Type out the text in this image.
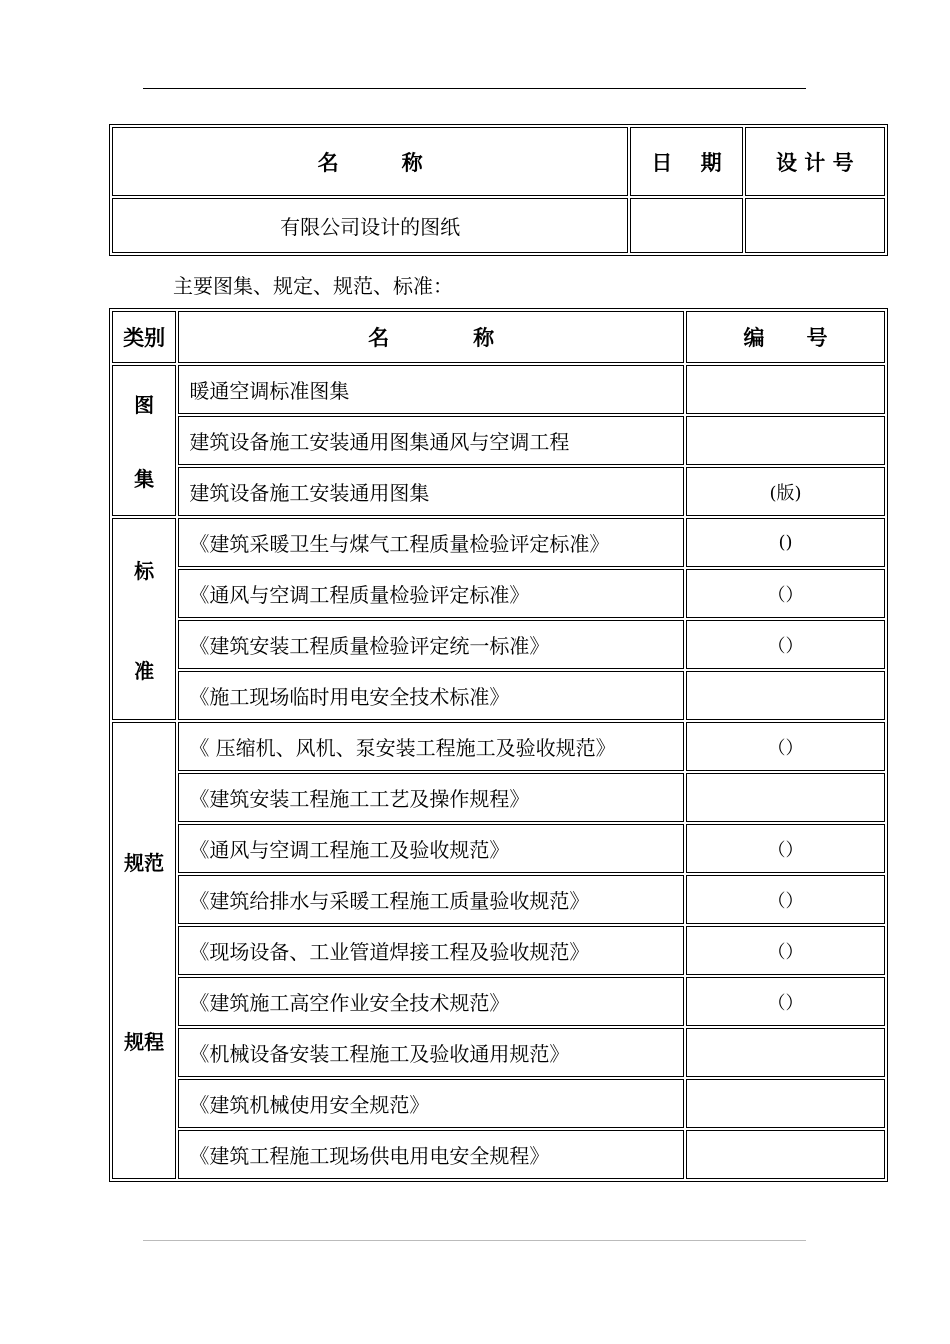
名　　　称	日　 期	设 计 号
有限公司设计的图纸		
主要图集、规定、规范、标准：
类别	名　　　　称	编　　号

图
集	暖通空调标准图集	
	建筑设备施工安装通用图集通风与空调工程	
	建筑设备施工安装通用图集	(版)

标
准	《建筑采暖卫生与煤气工程质量检验评定标准》	()
	《通风与空调工程质量检验评定标准》	（）
	《建筑安装工程质量检验评定统一标准》	（）
	《施工现场临时用电安全技术标准》	

规范
规程	《 压缩机、风机、泵安装工程施工及验收规范》	（）
	《建筑安装工程施工工艺及操作规程》	
	《通风与空调工程施工及验收规范》	（）
	《建筑给排水与采暖工程施工质量验收规范》	（）
	《现场设备、工业管道焊接工程及验收规范》	（）
	《建筑施工高空作业安全技术规范》	（）
	《机械设备安装工程施工及验收通用规范》	
	《建筑机械使用安全规范》	
	《建筑工程施工现场供电用电安全规程》	
